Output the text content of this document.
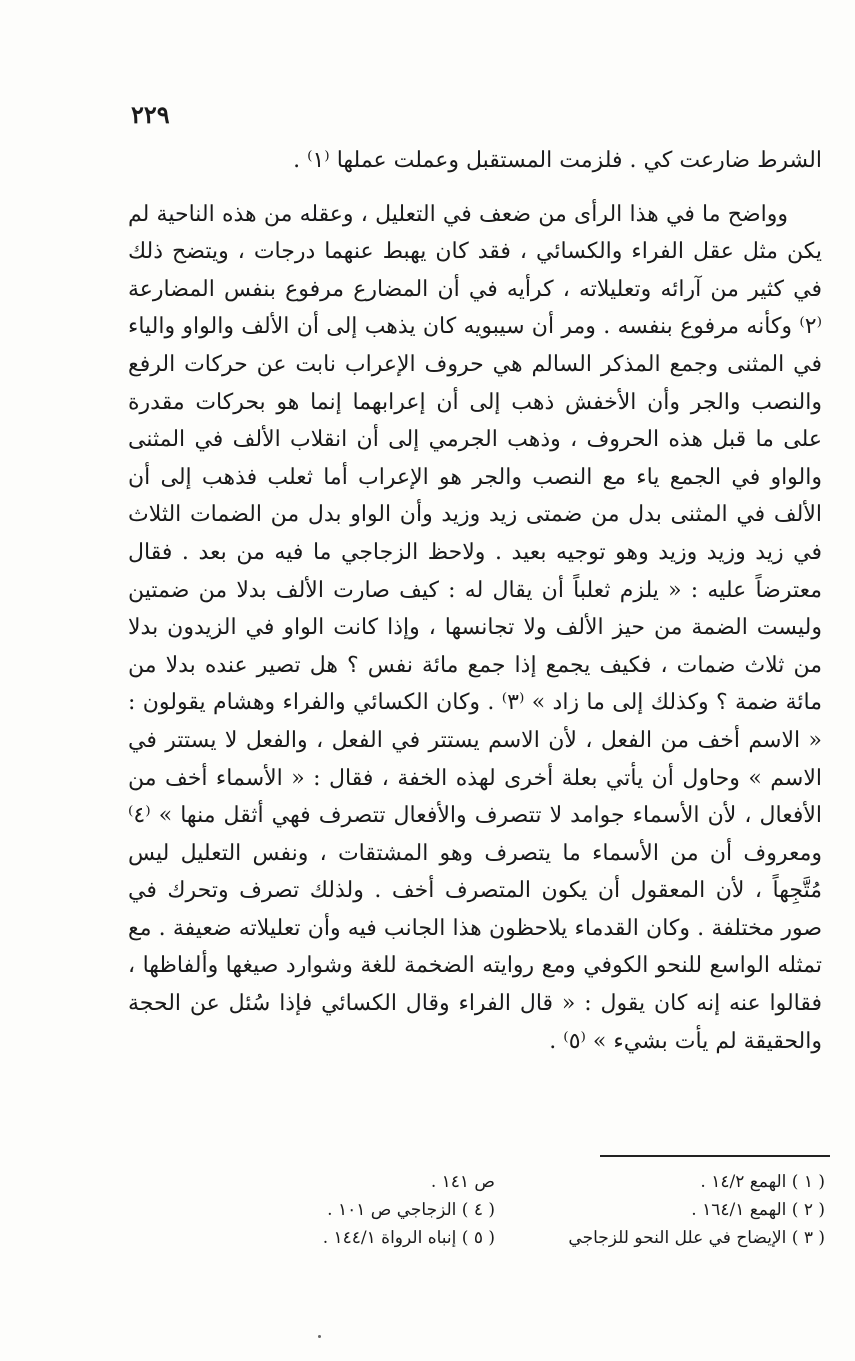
٢٢٩

الشرط ضارعت كي . فلزمت المستقبل وعملت عملها ⁽١⁾ .

وواضح ما في هذا الرأى من ضعف في التعليل ، وعقله من هذه الناحية لم يكن مثل عقل الفراء والكسائي ، فقد كان يهبط عنهما درجات ، ويتضح ذلك في كثير من آرائه وتعليلاته ، كرأيه في أن المضارع مرفوع بنفس المضارعة ⁽٢⁾ وكأنه مرفوع بنفسه . ومر أن سيبويه كان يذهب إلى أن الألف والواو والياء في المثنى وجمع المذكر السالم هي حروف الإعراب نابت عن حركات الرفع والنصب والجر وأن الأخفش ذهب إلى أن إعرابهما إنما هو بحركات مقدرة على ما قبل هذه الحروف ، وذهب الجرمي إلى أن انقلاب الألف في المثنى والواو في الجمع ياء مع النصب والجر هو الإعراب أما ثعلب فذهب إلى أن الألف في المثنى بدل من ضمتى زيد وزيد وأن الواو بدل من الضمات الثلاث في زيد وزيد وزيد وهو توجيه بعيد . ولاحظ الزجاجي ما فيه من بعد . فقال معترضاً عليه : « يلزم ثعلباً أن يقال له : كيف صارت الألف بدلا من ضمتين وليست الضمة من حيز الألف ولا تجانسها ، وإذا كانت الواو في الزيدون بدلا من ثلاث ضمات ، فكيف يجمع إذا جمع مائة نفس ؟ هل تصير عنده بدلا من مائة ضمة ؟ وكذلك إلى ما زاد » ⁽٣⁾ . وكان الكسائي والفراء وهشام يقولون : « الاسم أخف من الفعل ، لأن الاسم يستتر في الفعل ، والفعل لا يستتر في الاسم » وحاول أن يأتي بعلة أخرى لهذه الخفة ، فقال : « الأسماء أخف من الأفعال ، لأن الأسماء جوامد لا تتصرف والأفعال تتصرف فهي أثقل منها » ⁽٤⁾ ومعروف أن من الأسماء ما يتصرف وهو المشتقات ، ونفس التعليل ليس مُتَّجِهاً ، لأن المعقول أن يكون المتصرف أخف . ولذلك تصرف وتحرك في صور مختلفة . وكان القدماء يلاحظون هذا الجانب فيه وأن تعليلاته ضعيفة . مع تمثله الواسع للنحو الكوفي ومع روايته الضخمة للغة وشوارد صيغها وألفاظها ، فقالوا عنه إنه كان يقول : « قال الفراء وقال الكسائي فإذا سُئل عن الحجة والحقيقة لم يأت بشيء » ⁽٥⁾ .

( ١ ) الهمع ١٤/٢ .
ص ١٤١ .
( ٢ ) الهمع ١٦٤/١ .
( ٤ ) الزجاجي ص ١٠١ .
( ٣ ) الإيضاح في علل النحو للزجاجي
( ٥ ) إنباه الرواة ١٤٤/١ .
